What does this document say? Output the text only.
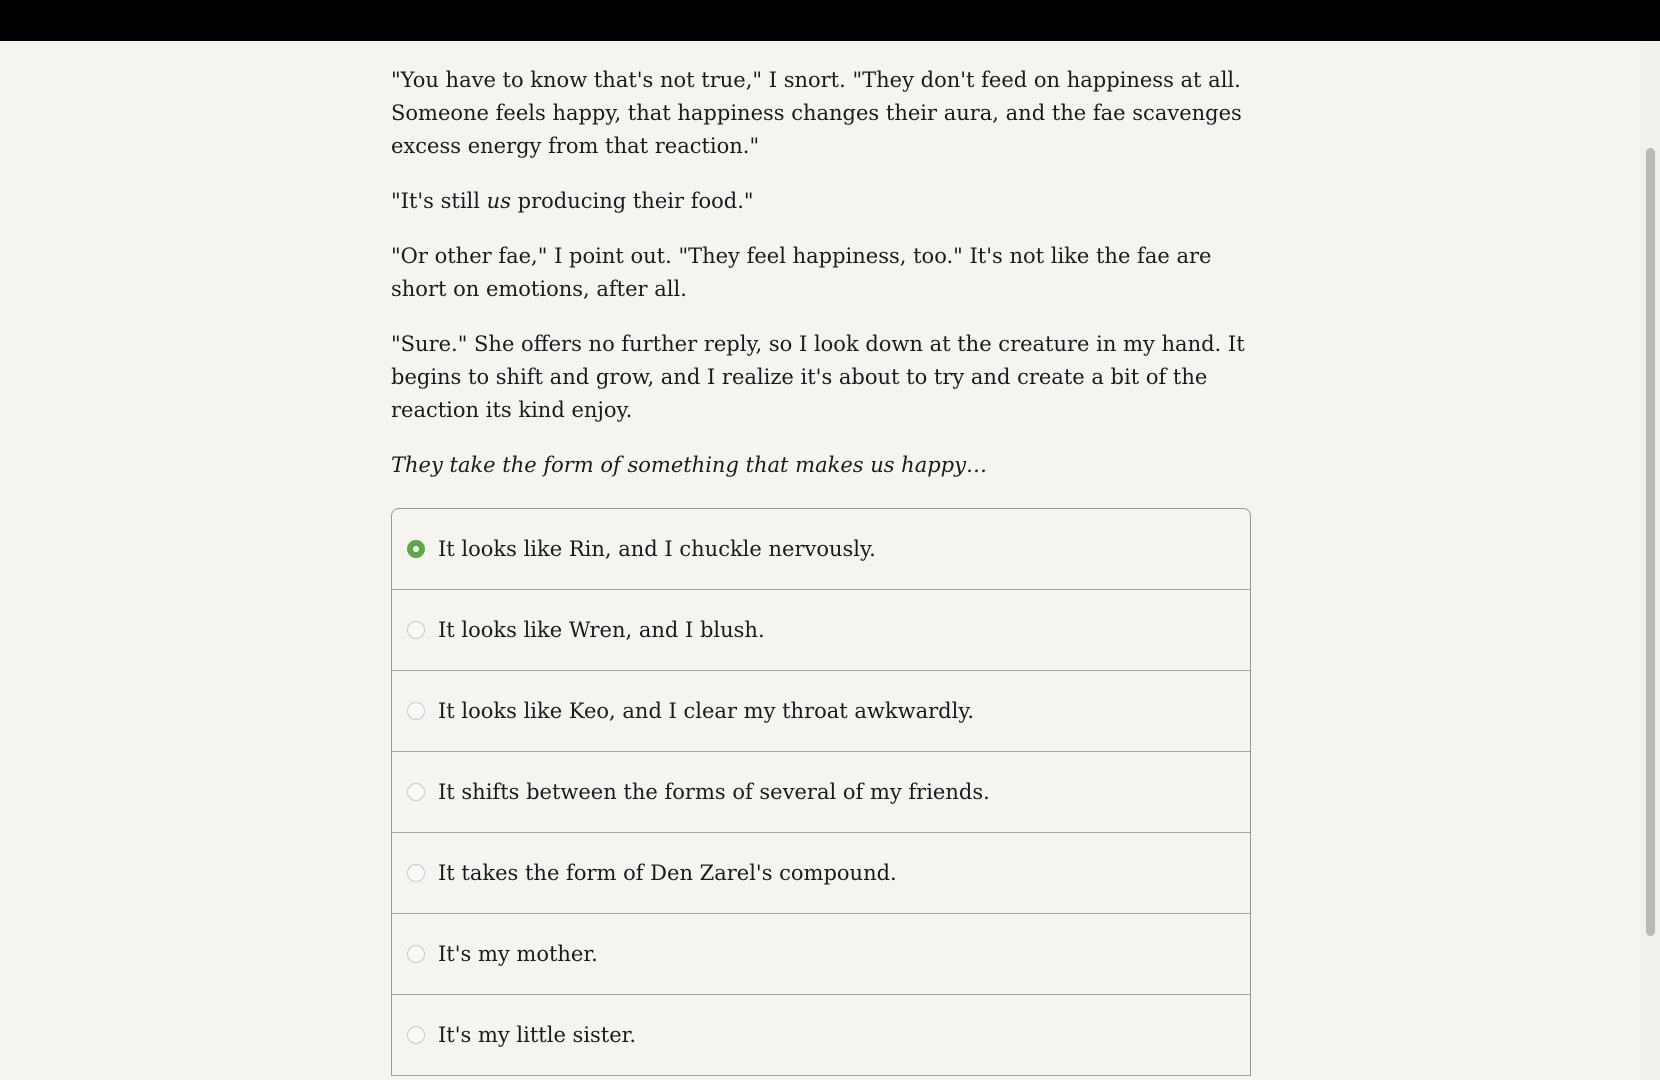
"You have to know that's not true," I snort. "They don't feed on happiness at all. Someone feels happy, that happiness changes their aura, and the fae scavenges excess energy from that reaction."

"It's still us producing their food."

"Or other fae," I point out. "They feel happiness, too." It's not like the fae are short on emotions, after all.

"Sure." She offers no further reply, so I look down at the creature in my hand. It begins to shift and grow, and I realize it's about to try and create a bit of the reaction its kind enjoy.

They take the form of something that makes us happy…

It looks like Rin, and I chuckle nervously.
It looks like Wren, and I blush.
It looks like Keo, and I clear my throat awkwardly.
It shifts between the forms of several of my friends.
It takes the form of Den Zarel's compound.
It's my mother.
It's my little sister.
